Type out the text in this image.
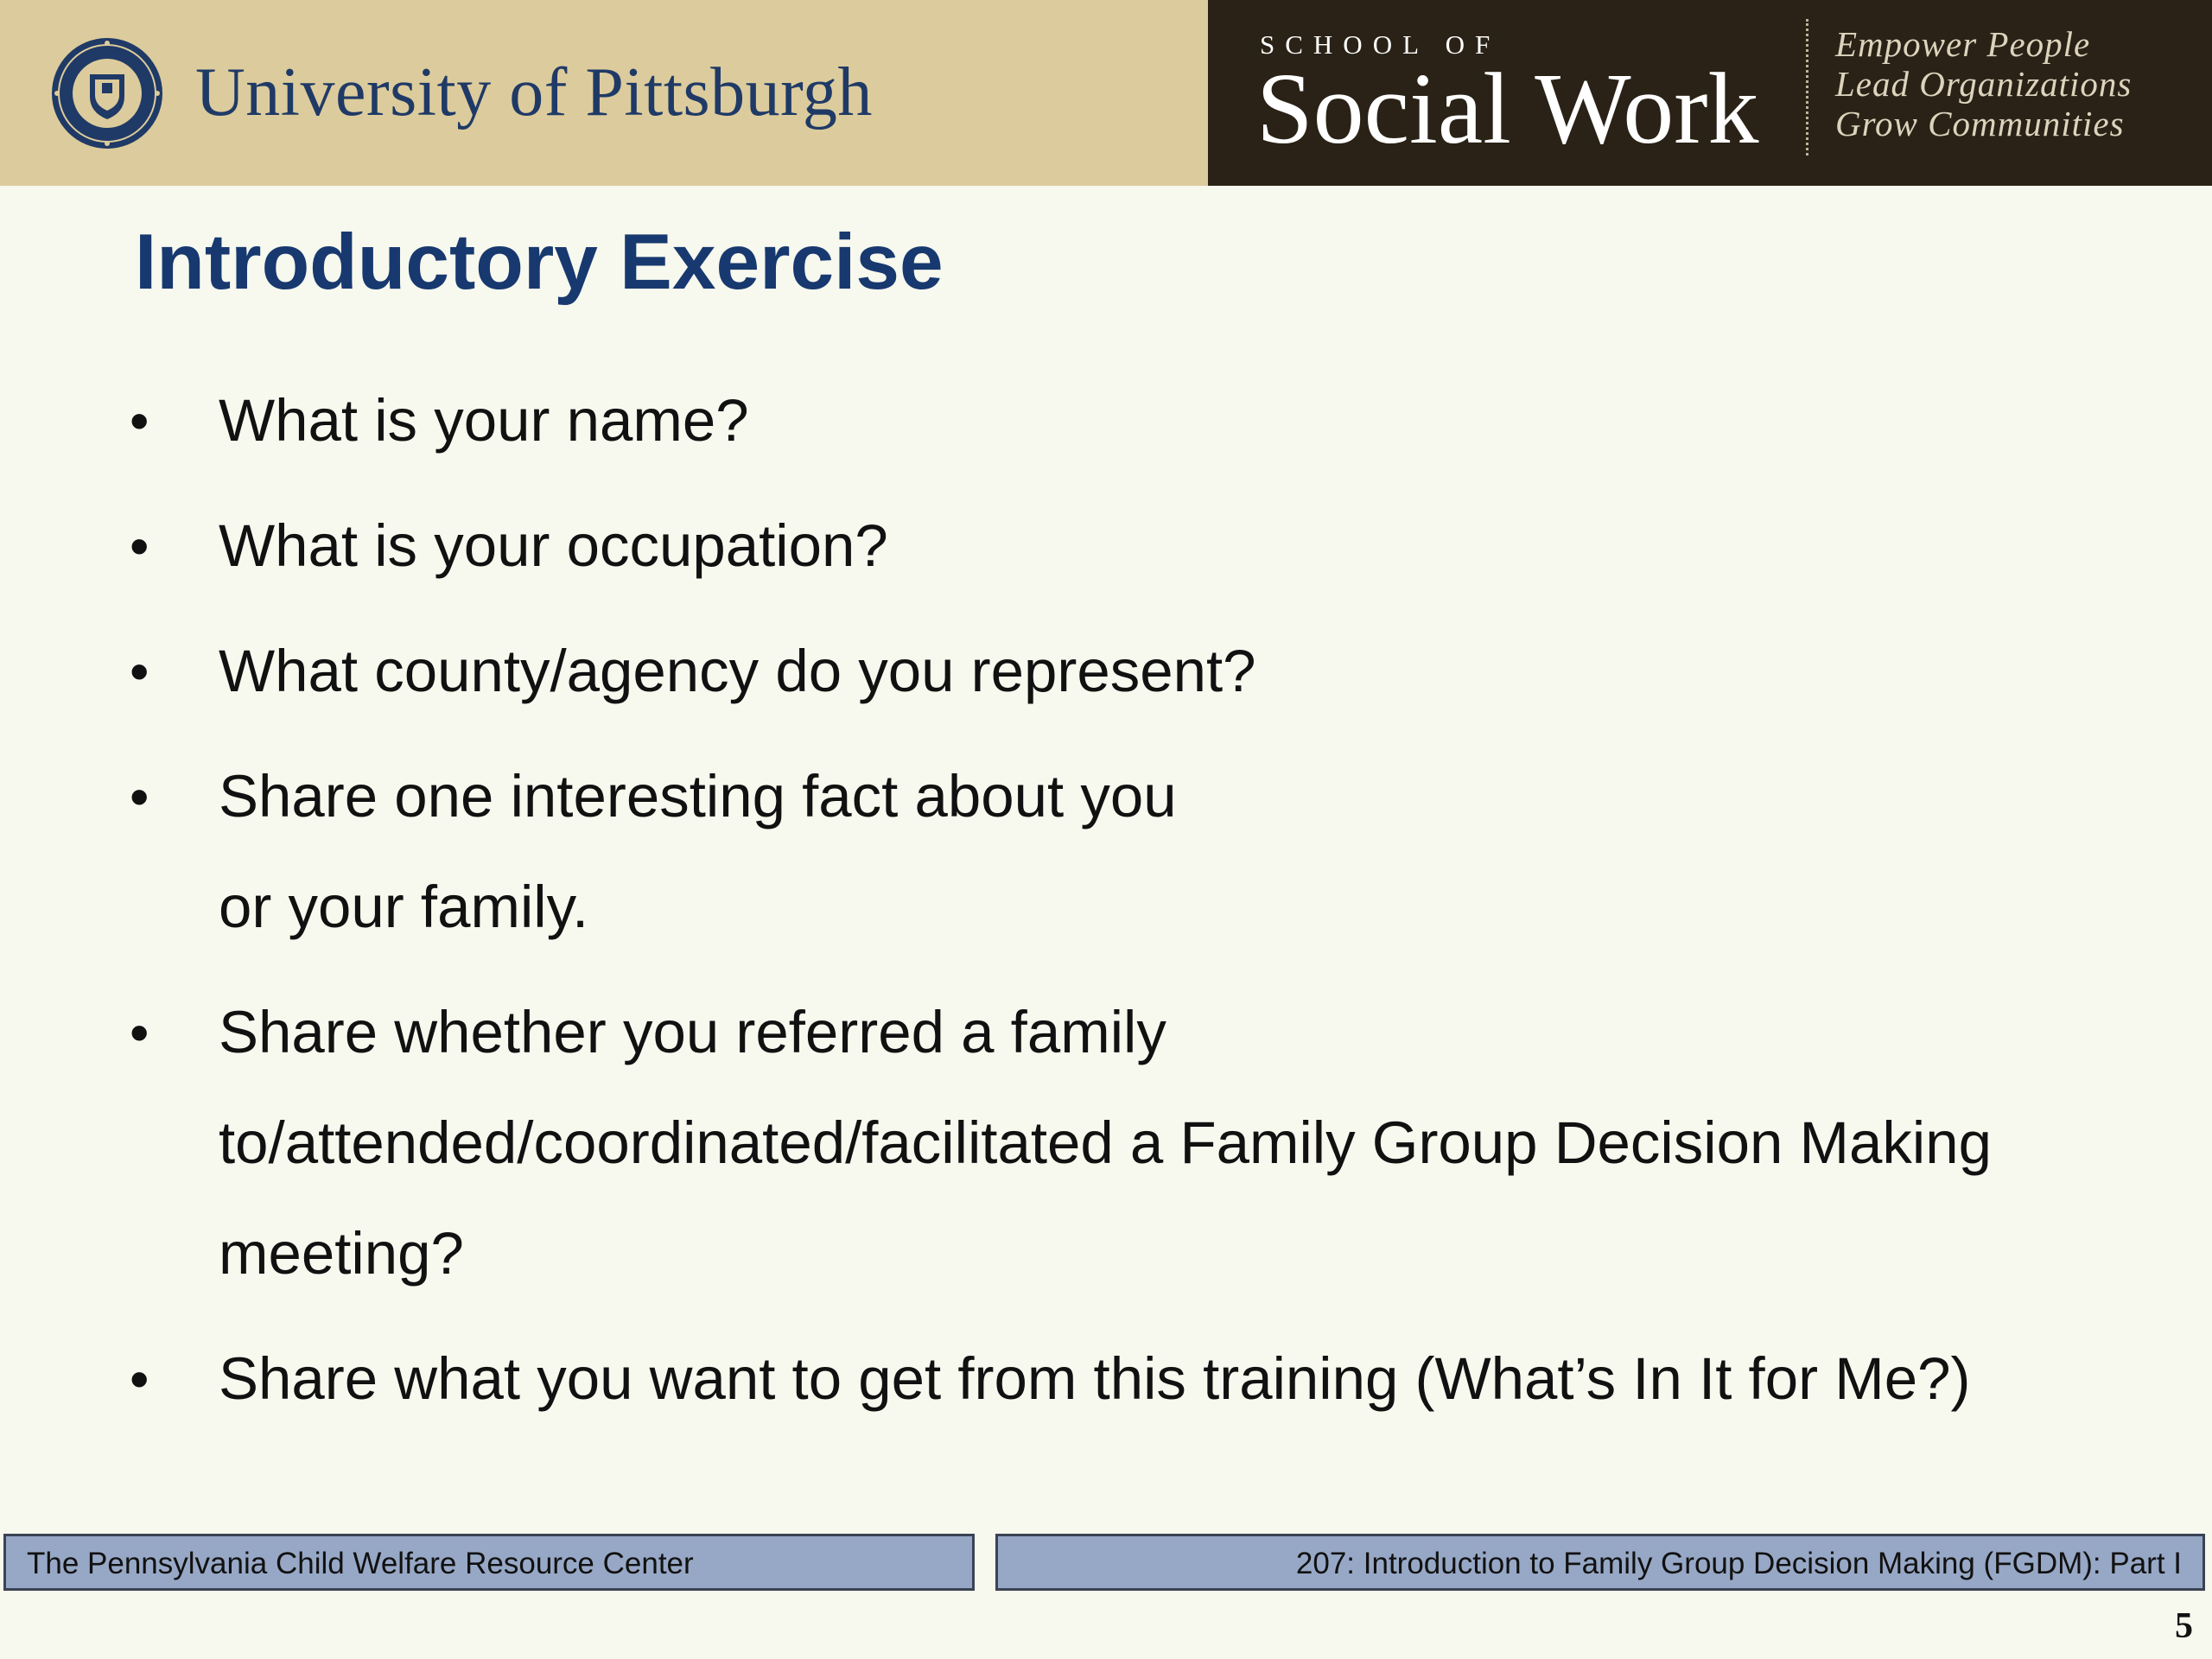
University of Pittsburgh
SCHOOL OF
Social Work
Empower People
Lead Organizations
Grow Communities
Introductory Exercise
• What is your name?
• What is your occupation?
• What county/agency do you represent?
• Share one interesting fact about you
or your family.
• Share whether you referred a family
to/attended/coordinated/facilitated a Family Group Decision Making
meeting?
• Share what you want to get from this training (What’s In It for Me?)
The Pennsylvania Child Welfare Resource Center	207: Introduction to Family Group Decision Making (FGDM): Part I
5
